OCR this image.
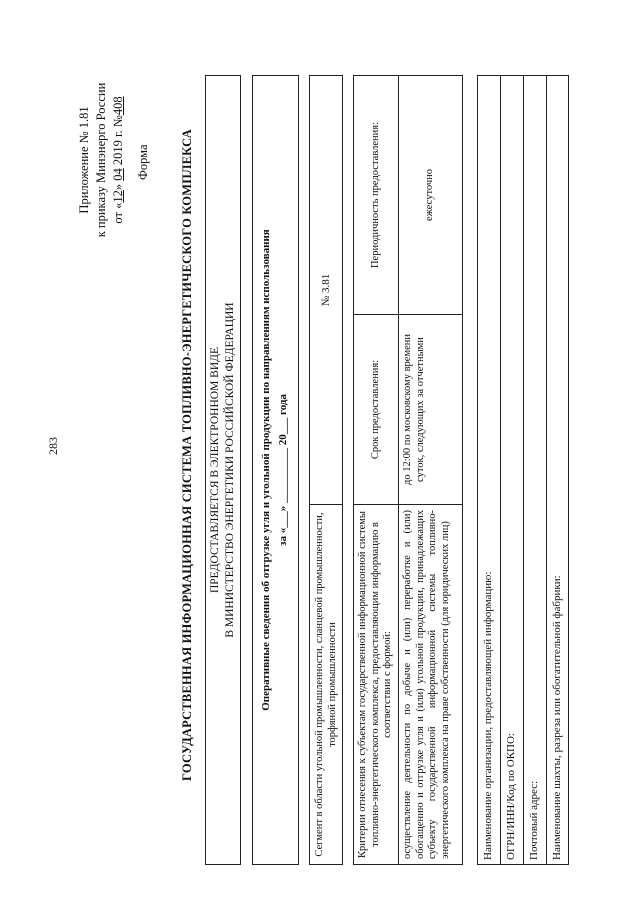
283
Приложение № 1.81 к приказу Минэнерго России от «12» 04 2019 г. №408
Форма ГОСУДАРСТВЕННАЯ ИНФОРМАЦИОННАЯ СИСТЕМА ТОПЛИВНО-ЭНЕРГЕТИЧЕСКОГО КОМПЛЕКСА ПРЕДОСТАВЛЯЕТСЯ В ЭЛЕКТРОННОМ ВИДЕ В МИНИСТЕРСТВО ЭНЕРГЕТИКИ РОССИЙСКОЙ ФЕДЕРАЦИИ Оперативные сведения об отгрузке угля и угольной продукции по направлениям использования за «___» __________ 20___ года
Сегмент в области угольной промышленности, сланцевой промышленности, торфяной промышленности
№ 3.81
Критерии отнесения к субъектам государственной информационной системы топливно-энергетического комплекса, предоставляющим информацию в соответствии с формой: осуществление деятельности по добыче и (или) переработке и (или) обогащению и отгрузке угля и (или) угольной продукции, принадлежащих субъекту государственной информационной системы топливно-энергетического комплекса на праве собственности (для юридических лиц)
Срок предоставления:	до 12:00 по московскому времени суток, следующих за отчетными
Периодичность предоставления:	ежесуточно
Наименование организации, предоставляющей информацию:	ОГРН/ИНН/Код по ОКПО:	Почтовый адрес:	Наименование шахты, разреза или обогатительной фабрики:
